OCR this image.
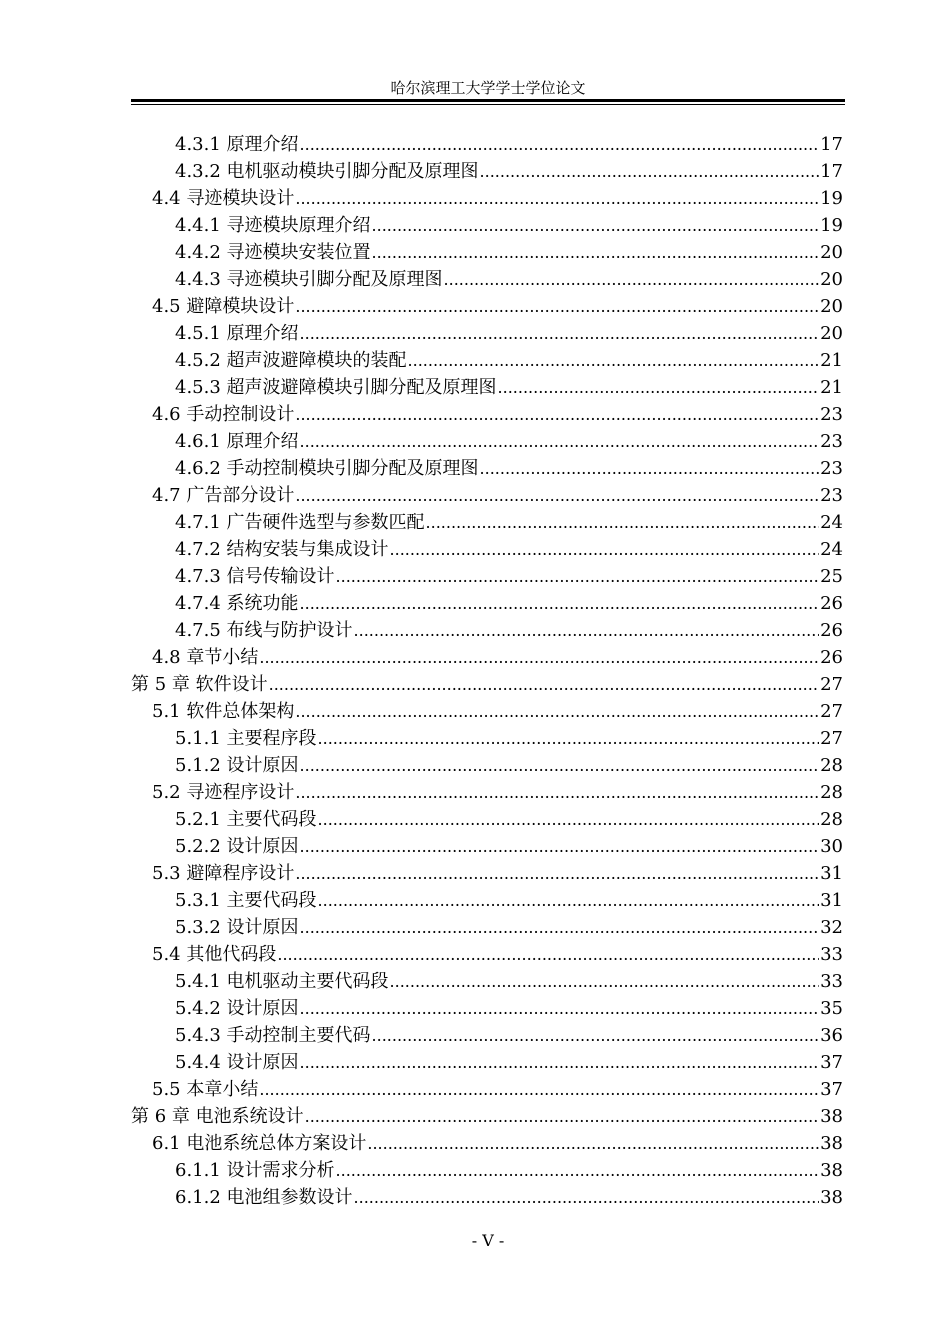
哈尔滨理工大学学士学位论文
4.3.1 原理介绍 .....	17
4.3.2 电机驱动模块引脚分配及原理图 .....	17
4.4 寻迹模块设计 .....	19
4.4.1 寻迹模块原理介绍 .....	19
4.4.2 寻迹模块安装位置 .....	20
4.4.3 寻迹模块引脚分配及原理图 .....	20
4.5 避障模块设计 .....	20
4.5.1 原理介绍 .....	20
4.5.2 超声波避障模块的装配 .....	21
4.5.3 超声波避障模块引脚分配及原理图 .....	21
4.6 手动控制设计 .....	23
4.6.1 原理介绍 .....	23
4.6.2 手动控制模块引脚分配及原理图 .....	23
4.7 广告部分设计 .....	23
4.7.1 广告硬件选型与参数匹配 .....	24
4.7.2 结构安装与集成设计 .....	24
4.7.3 信号传输设计 .....	25
4.7.4 系统功能 .....	26
4.7.5 布线与防护设计 .....	26
4.8 章节小结 .....	26
第 5 章 软件设计 .....	27
5.1 软件总体架构 .....	27
5.1.1 主要程序段 .....	27
5.1.2 设计原因 .....	28
5.2 寻迹程序设计 .....	28
5.2.1 主要代码段 .....	28
5.2.2 设计原因 .....	30
5.3 避障程序设计 .....	31
5.3.1 主要代码段 .....	31
5.3.2 设计原因 .....	32
5.4 其他代码段 .....	33
5.4.1 电机驱动主要代码段 .....	33
5.4.2 设计原因 .....	35
5.4.3 手动控制主要代码 .....	36
5.4.4 设计原因 .....	37
5.5 本章小结 .....	37
第 6 章 电池系统设计 .....	38
6.1 电池系统总体方案设计 .....	38
6.1.1 设计需求分析 .....	38
6.1.2 电池组参数设计 .....	38
- V -
